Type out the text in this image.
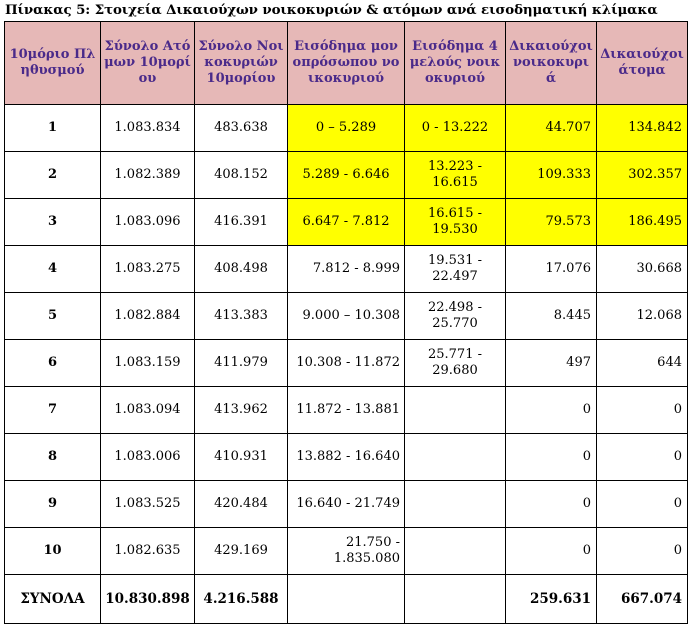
Πίνακας 5: Στοιχεία Δικαιούχων νοικοκυριών & ατόμων ανά εισοδηματική κλίμακα
10μόριο Πληθυσμού	Σύνολο Ατόμων 10μορίου	Σύνολο Νοικοκυριών 10μορίου	Εισόδημα μονοπρόσωπου νοικοκυριού	Εισόδημα 4μελούς νοικοκυριού	Δικαιούχοι νοικοκυριά	Δικαιούχοι άτομα

1	1.083.834	483.638	0 – 5.289	0 - 13.222	44.707	134.842
2	1.082.389	408.152	5.289 - 6.646	13.223 - 16.615	109.333	302.357
3	1.083.096	416.391	6.647 - 7.812	16.615 - 19.530	79.573	186.495
4	1.083.275	408.498	7.812 - 8.999	19.531 - 22.497	17.076	30.668
5	1.082.884	413.383	9.000 – 10.308	22.498 - 25.770	8.445	12.068
6	1.083.159	411.979	10.308 - 11.872	25.771 - 29.680	497	644
7	1.083.094	413.962	11.872 - 13.881		0	0
8	1.083.006	410.931	13.882 - 16.640		0	0
9	1.083.525	420.484	16.640 - 21.749		0	0
10	1.082.635	429.169	21.750 - 1.835.080		0	0
ΣΥΝΟΛΑ	10.830.898	4.216.588			259.631	667.074
